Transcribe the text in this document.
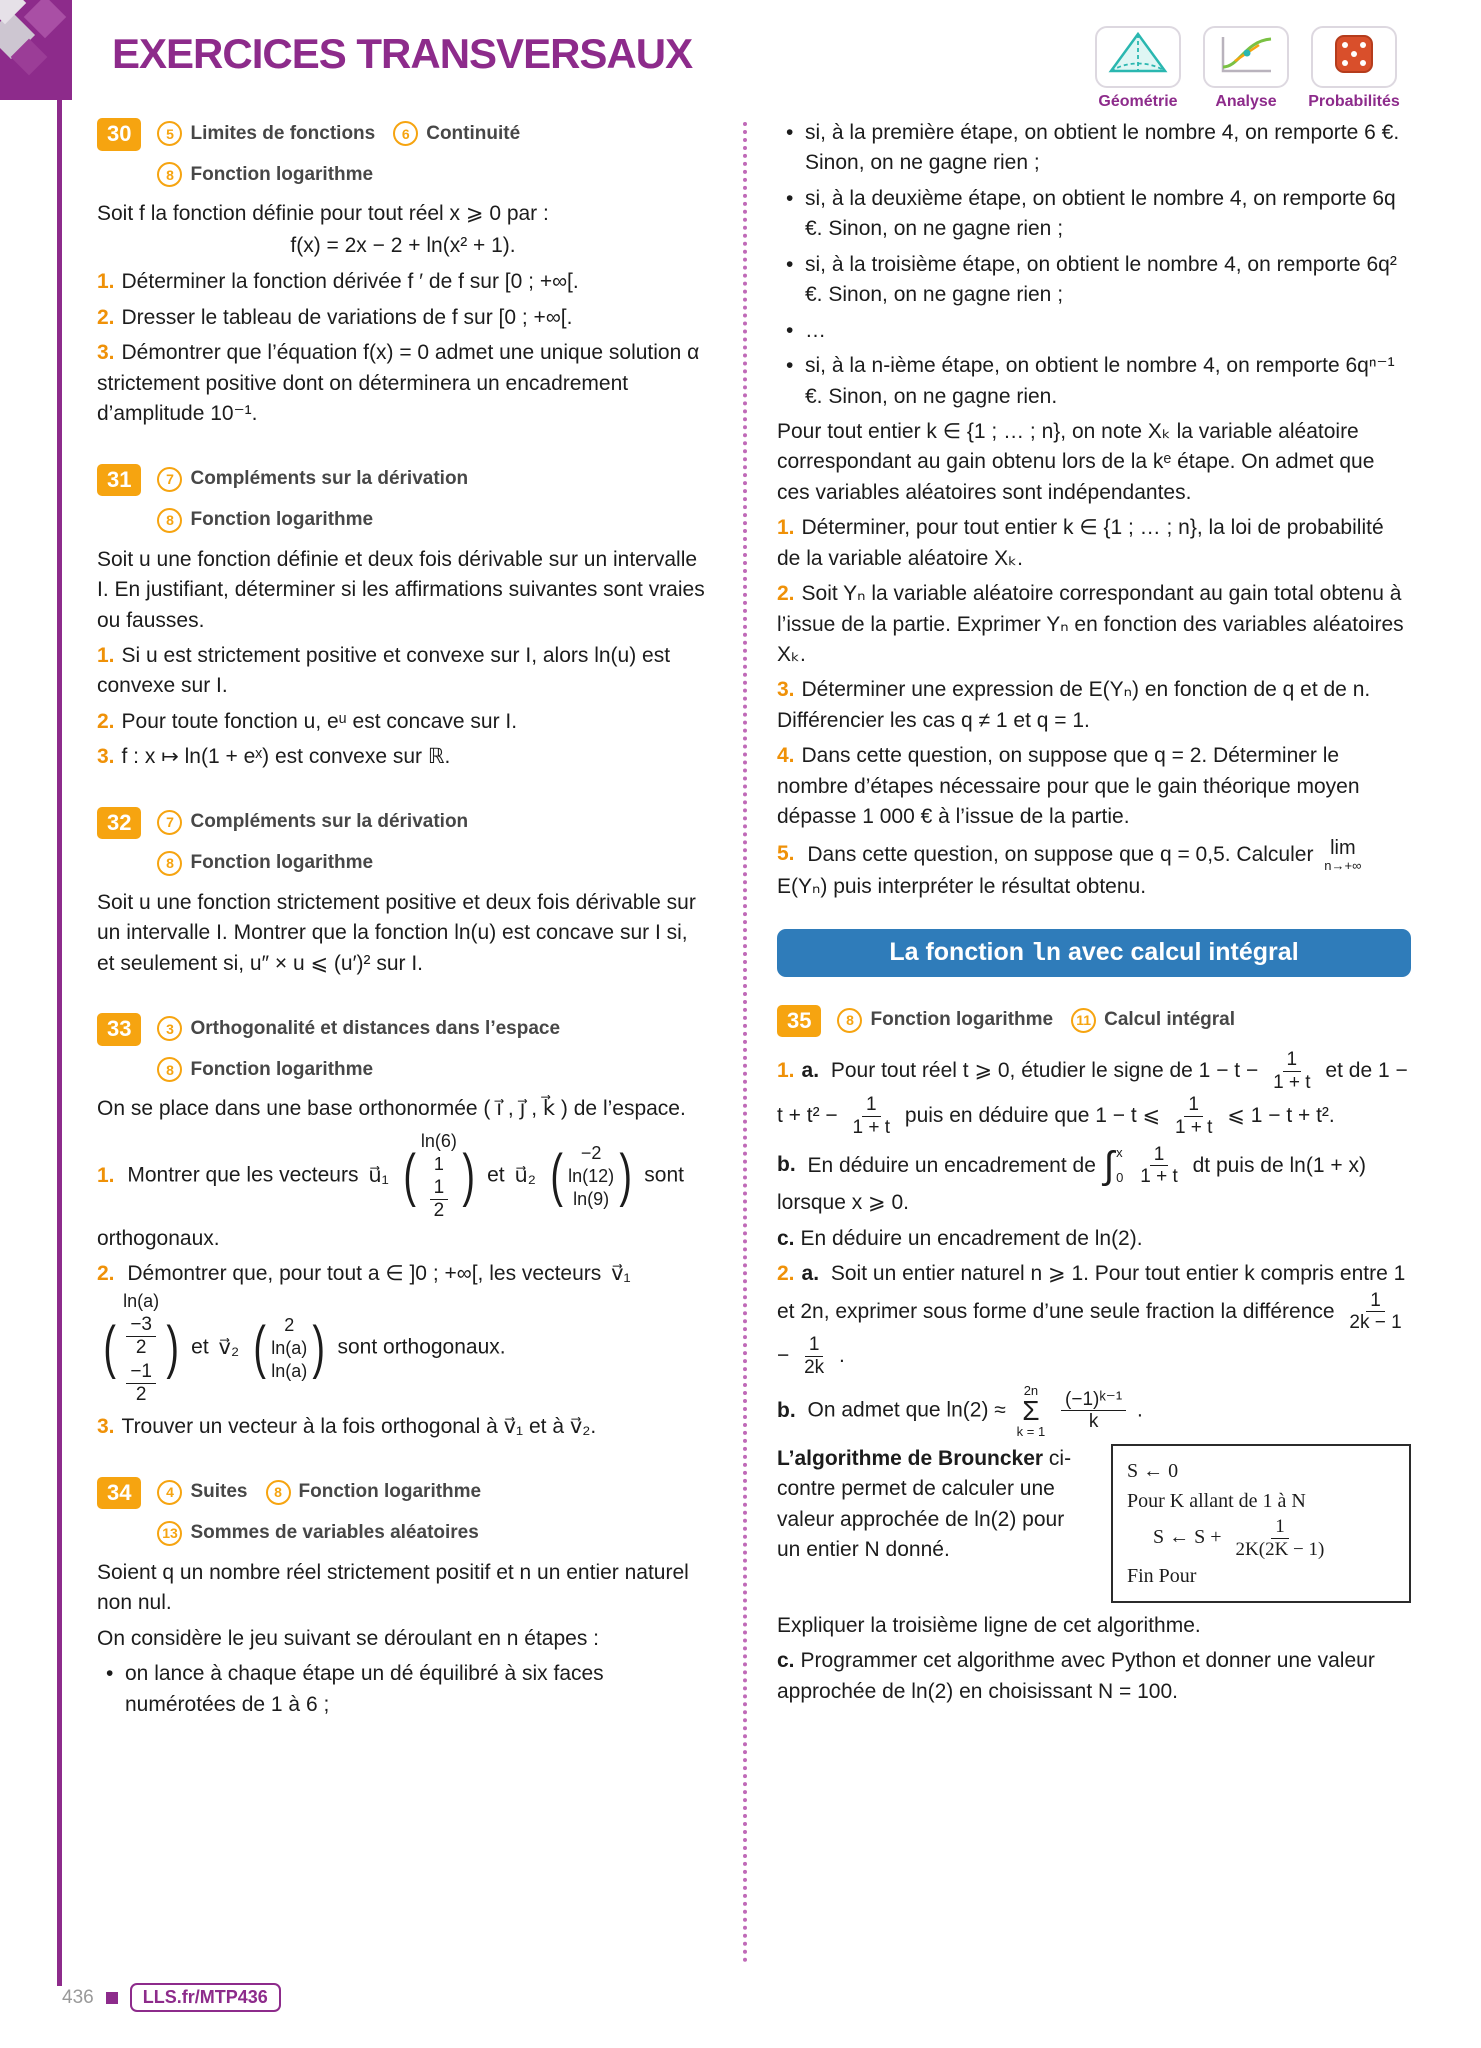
EXERCICES TRANSVERSAUX
Géométrie Analyse Probabilités
30	5 Limites de fonctions	6 Continuité
8 Fonction logarithme

Soit f la fonction définie pour tout réel x ⩾ 0 par :

f(x) = 2x − 2 + ln(x² + 1).

1. Déterminer la fonction dérivée f ′ de f sur [0 ; +∞[.

2. Dresser le tableau de variations de f sur [0 ; +∞[.

3. Démontrer que l’équation f(x) = 0 admet une unique solution α strictement positive dont on déterminera un encadrement d’amplitude 10⁻¹.

31	7 Compléments sur la dérivation
8 Fonction logarithme

Soit u une fonction définie et deux fois dérivable sur un intervalle I. En justifiant, déterminer si les affirmations suivantes sont vraies ou fausses.

1. Si u est strictement positive et convexe sur I, alors ln(u) est convexe sur I.

2. Pour toute fonction u, eᵘ est concave sur I.

3. f : x ↦ ln(1 + eˣ) est convexe sur ℝ.

32	7 Compléments sur la dérivation
8 Fonction logarithme

Soit u une fonction strictement positive et deux fois dérivable sur un intervalle I. Montrer que la fonction ln(u) est concave sur I si, et seulement si, u″ × u ⩽ (u′)² sur I.

33	3 Orthogonalité et distances dans l’espace
8 Fonction logarithme

On se place dans une base orthonormée ( i⃗ , j⃗ , k⃗ ) de l’espace.

1. Montrer que les vecteurs u⃗₁
( ln(6)
1
$\frac{1}{2}$
) et u⃗₂
( −2
ln(12)
ln(9)
) sont orthogonaux.

2. Démontrer que, pour tout a ∈ ]0 ; +∞[, les vecteurs v⃗₁
( ln(a)
$\frac{-3}{2}$
$\frac{-1}{2}$
) et v⃗₂
( 2
ln(a)
ln(a)
) sont orthogonaux.

3. Trouver un vecteur à la fois orthogonal à v⃗₁ et à v⃗₂.

34	4 Suites	8 Fonction logarithme
13 Sommes de variables aléatoires

Soient q un nombre réel strictement positif et n un entier naturel non nul.

On considère le jeu suivant se déroulant en n étapes :

• on lance à chaque étape un dé équilibré à six faces numérotées de 1 à 6 ;

• si, à la première étape, on obtient le nombre 4, on remporte 6 €. Sinon, on ne gagne rien ;

• si, à la deuxième étape, on obtient le nombre 4, on remporte 6q €. Sinon, on ne gagne rien ;

• si, à la troisième étape, on obtient le nombre 4, on remporte 6q² €. Sinon, on ne gagne rien ;

• …

• si, à la n-ième étape, on obtient le nombre 4, on remporte 6qⁿ⁻¹ €. Sinon, on ne gagne rien.

Pour tout entier k ∈ {1 ; … ; n}, on note Xₖ la variable aléatoire correspondant au gain obtenu lors de la kᵉ étape. On admet que ces variables aléatoires sont indépendantes.

1. Déterminer, pour tout entier k ∈ {1 ; … ; n}, la loi de probabilité de la variable aléatoire Xₖ.

2. Soit Yₙ la variable aléatoire correspondant au gain total obtenu à l’issue de la partie. Exprimer Yₙ en fonction des variables aléatoires Xₖ.

3. Déterminer une expression de E(Yₙ) en fonction de q et de n. Différencier les cas q ≠ 1 et q = 1.

4. Dans cette question, on suppose que q = 2. Déterminer le nombre d’étapes nécessaire pour que le gain théorique moyen dépasse 1 000 € à l’issue de la partie.

5. Dans cette question, on suppose que q = 0,5. Calculer lim
n→+∞
E(Yₙ) puis interpréter le résultat obtenu.

La fonction ln avec calcul intégral
35	8 Fonction logarithme	11 Calcul intégral

1. a. Pour tout réel t ⩾ 0, étudier le signe de $1 - t - \frac{1}{1 + t}$ et de $1 - t + t^2 - \frac{1}{1 + t}$ puis en déduire que 1 − t ⩽ $\frac{1}{1 + t}$ ⩽ 1 − t + t².

b. En déduire un encadrement de ∫ x
0
$\frac{1}{1 + t}$ dt puis de ln(1 + x) lorsque x ⩾ 0.

c. En déduire un encadrement de ln(2).

2. a. Soit un entier naturel n ⩾ 1. Pour tout entier k compris entre 1 et 2n, exprimer sous forme d’une seule fraction la différence $\frac{1}{2k - 1}$
− $\frac{1}{2k}$ .

b. On admet que ln(2) ≈
2n
Σ
k = 1
$\frac{\text{(−1)ᵏ⁻¹}}{k}$ .

L’algorithme de Brouncker ci-contre permet de calculer une valeur approchée de ln(2) pour un entier N donné.
S ← 0
Pour K allant de 1 à N
S ← $S + \frac{1}{2K(2K - 1)}$
Fin Pour

Expliquer la troisième ligne de cet algorithme.

c. Programmer cet algorithme avec Python et donner une valeur approchée de ln(2) en choisissant N = 100.

436	LLS.fr/MTP436
